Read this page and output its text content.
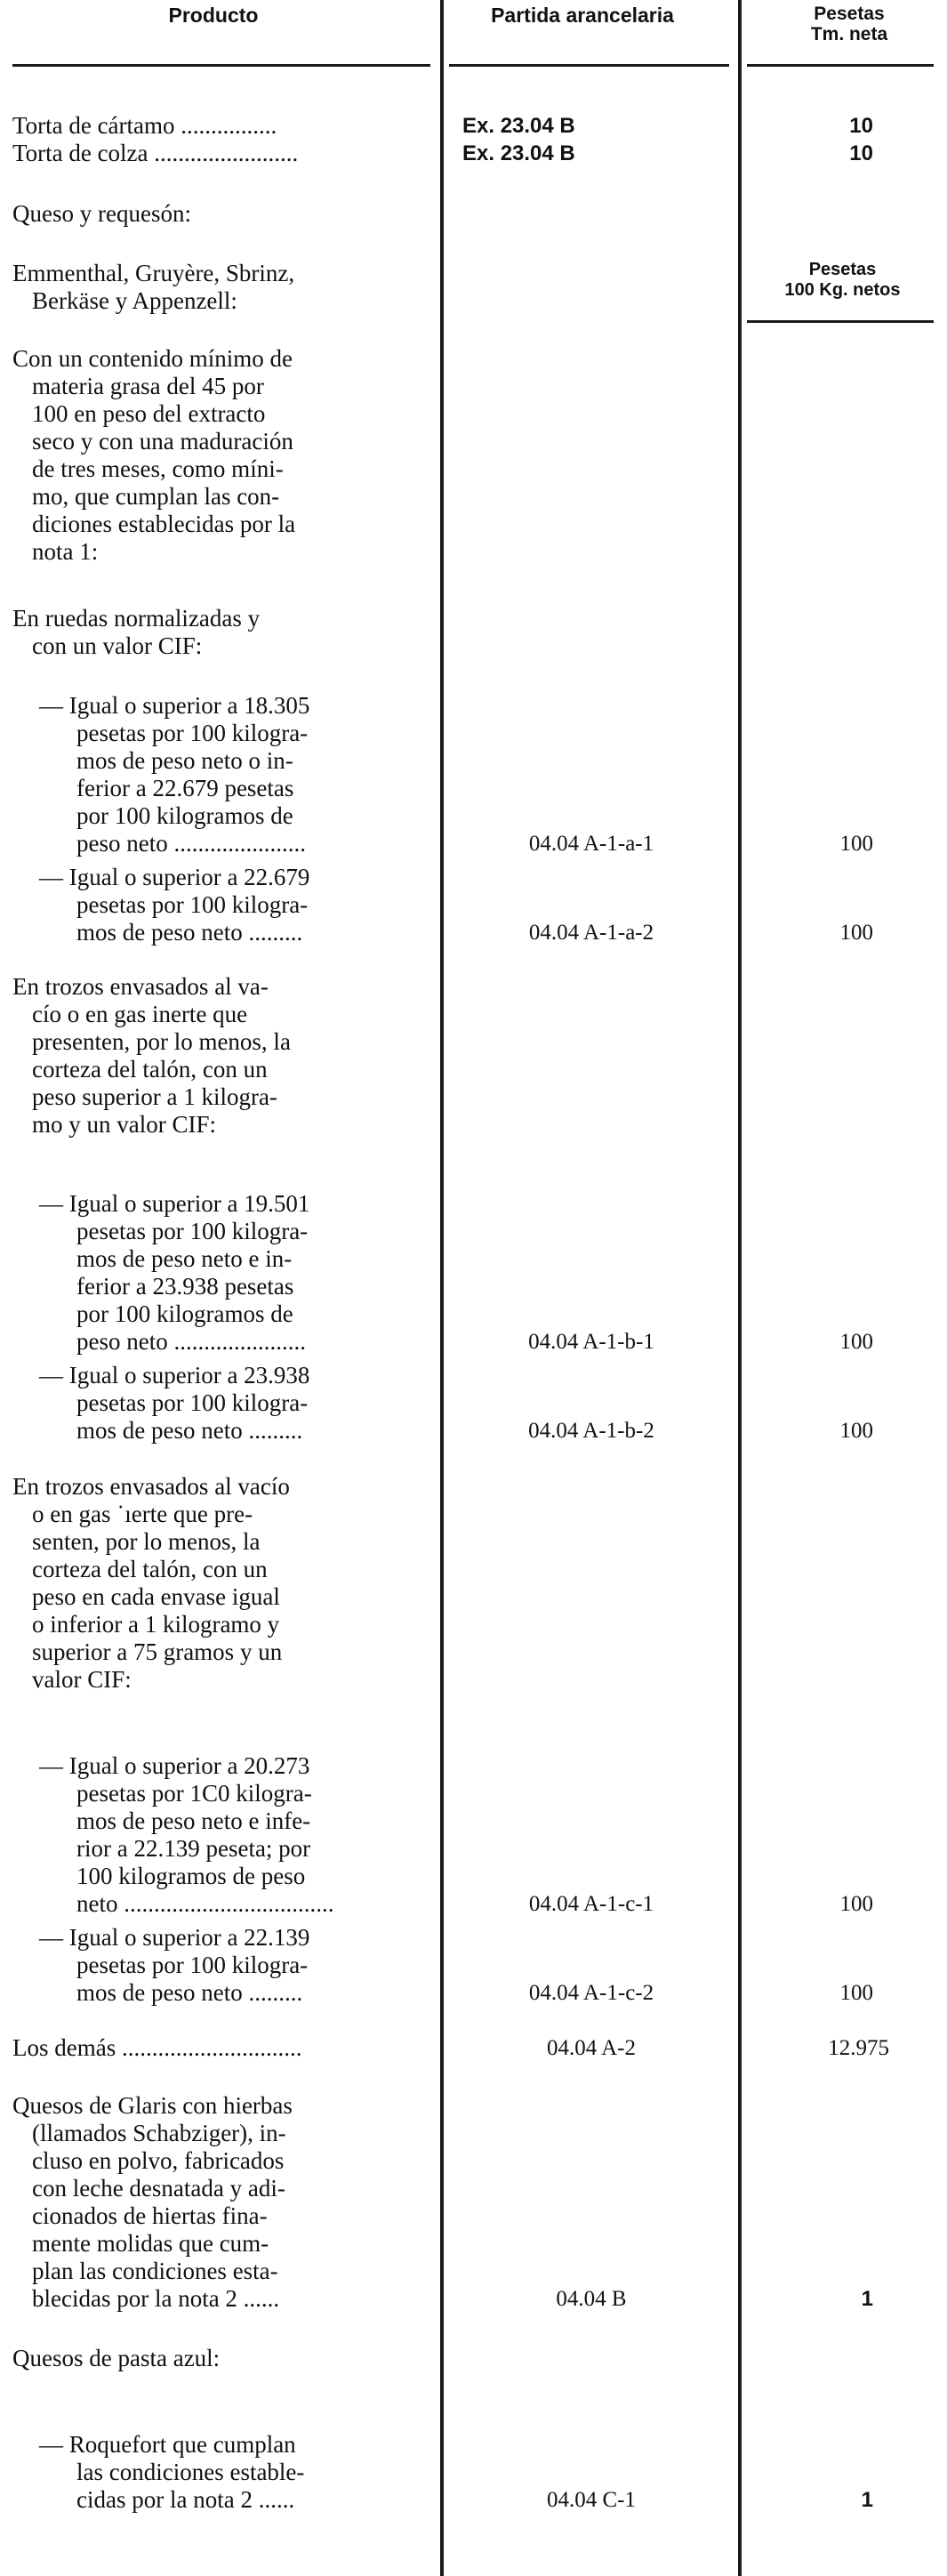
Producto	Partida arancelaria	Pesetas
Tm. neta
Torta de cártamo ................	Ex. 23.04 B	10
Torta de colza ........................	Ex. 23.04 B	10
Queso y requesón:
Emmenthal, Gruyère, Sbrinz,
Berkäse y Appenzell:
Pesetas
100 Kg. netos
Con un contenido mínimo de
materia grasa del 45 por
100 en peso del extracto
seco y con una maduración
de tres meses, como míni-
mo, que cumplan las con-
diciones establecidas por la
nota 1:
En ruedas normalizadas y
con un valor CIF:
— Igual o superior a 18.305
pesetas por 100 kilogra-
mos de peso neto o in-
ferior a 22.679 pesetas
por 100 kilogramos de
peso neto ......................	04.04 A-1-a-1	100
— Igual o superior a 22.679
pesetas por 100 kilogra-
mos de peso neto .........	04.04 A-1-a-2	100
En trozos envasados al va-
cío o en gas inerte que
presenten, por lo menos, la
corteza del talón, con un
peso superior a 1 kilogra-
mo y un valor CIF:
— Igual o superior a 19.501
pesetas por 100 kilogra-
mos de peso neto e in-
ferior a 23.938 pesetas
por 100 kilogramos de
peso neto ......................	04.04 A-1-b-1	100
— Igual o superior a 23.938
pesetas por 100 kilogra-
mos de peso neto .........	04.04 A-1-b-2	100
En trozos envasados al vacío
o en gas ˙ıerte que pre-
senten, por lo menos, la
corteza del talón, con un
peso en cada envase igual
o inferior a 1 kilogramo y
superior a 75 gramos y un
valor CIF:
— Igual o superior a 20.273
pesetas por 1C0 kilogra-
mos de peso neto e infe-
rior a 22.139 peseta; por
100 kilogramos de peso
neto ...................................	04.04 A-1-c-1	100
— Igual o superior a 22.139
pesetas por 100 kilogra-
mos de peso neto .........	04.04 A-1-c-2	100
Los demás ..............................	04.04 A-2	12.975
Quesos de Glaris con hierbas
(llamados Schabziger), in-
cluso en polvo, fabricados
con leche desnatada y adi-
cionados de hiertas fina-
mente molidas que cum-
plan las condiciones esta-
blecidas por la nota 2 ......	04.04 B	1
Quesos de pasta azul:
— Roquefort que cumplan
las condiciones estable-
cidas por la nota 2 ......	04.04 C-1	1
